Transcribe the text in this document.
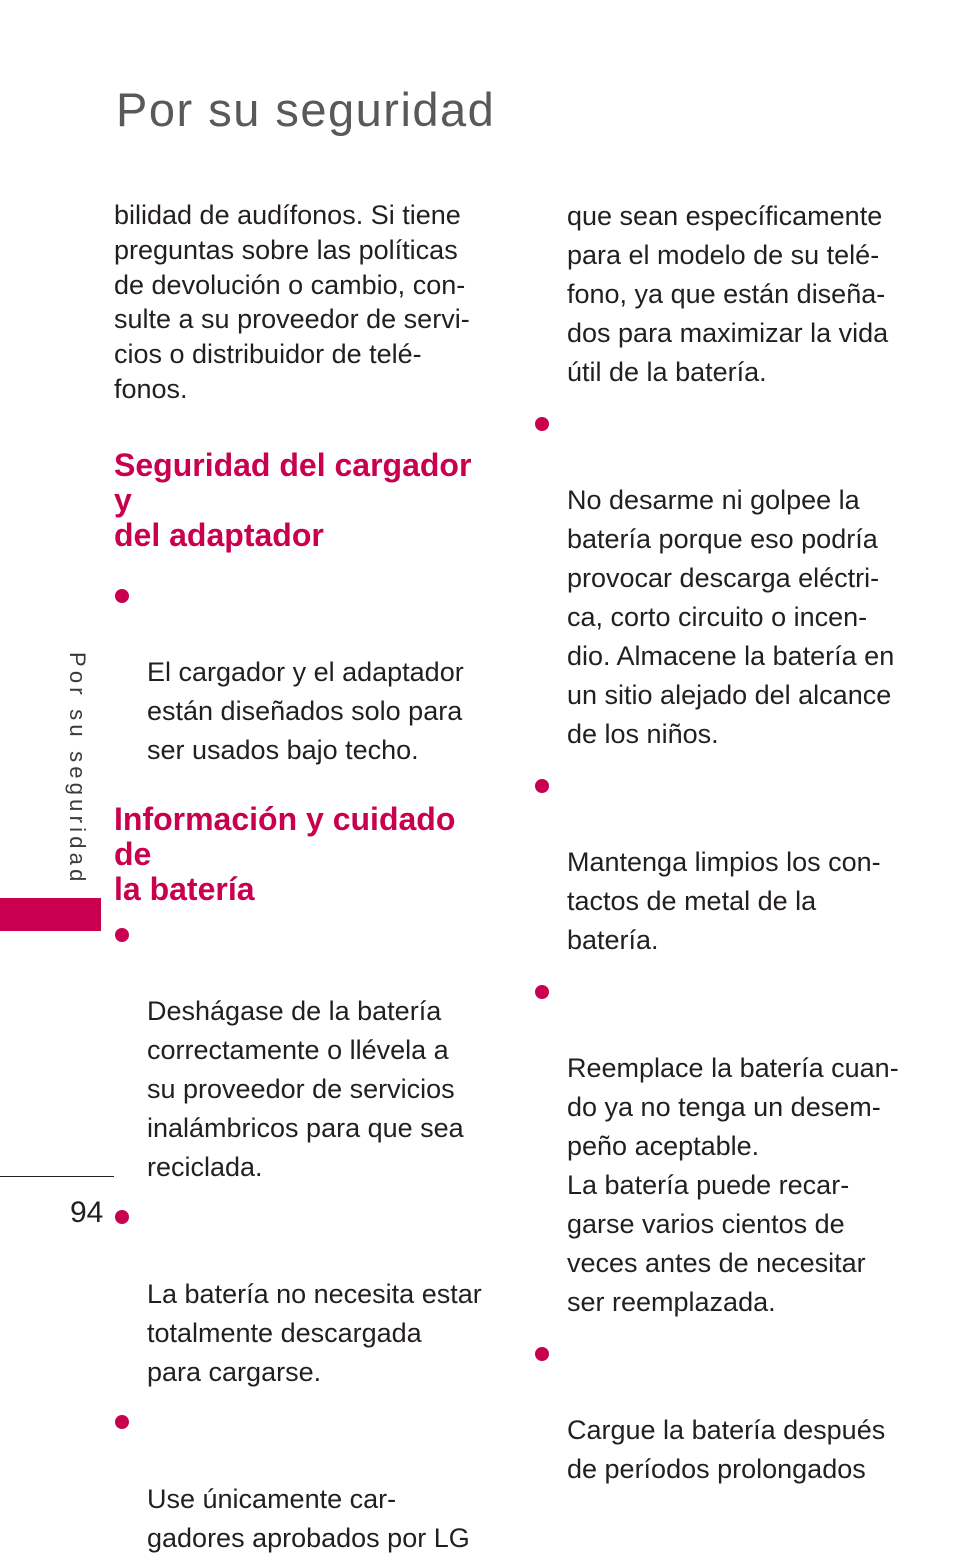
Por su seguridad
Por su seguridad

bilidad de audífonos. Si tiene
preguntas sobre las políticas
de devolución o cambio, con-
sulte a su proveedor de servi-
cios o distribuidor de telé-
fonos.

Seguridad del cargador y
del adaptador

El cargador y el adaptador
están diseñados solo para
ser usados bajo techo.

Información y cuidado de
la batería

Deshágase de la batería
correctamente o llévela a
su proveedor de servicios
inalámbricos para que sea
reciclada.

La batería no necesita estar
totalmente descargada
para cargarse.

Use únicamente car-
gadores aprobados por LG

que sean específicamente
para el modelo de su telé-
fono, ya que están diseña-
dos para maximizar la vida
útil de la batería.

No desarme ni golpee la
batería porque eso podría
provocar descarga eléctri-
ca, corto circuito o incen-
dio. Almacene la batería en
un sitio alejado del alcance
de los niños.

Mantenga limpios los con-
tactos de metal de la
batería.

Reemplace la batería cuan-
do ya no tenga un desem-
peño aceptable.
La batería puede recar-
garse varios cientos de
veces antes de necesitar
ser reemplazada.

Cargue la batería después
de períodos prolongados

94
